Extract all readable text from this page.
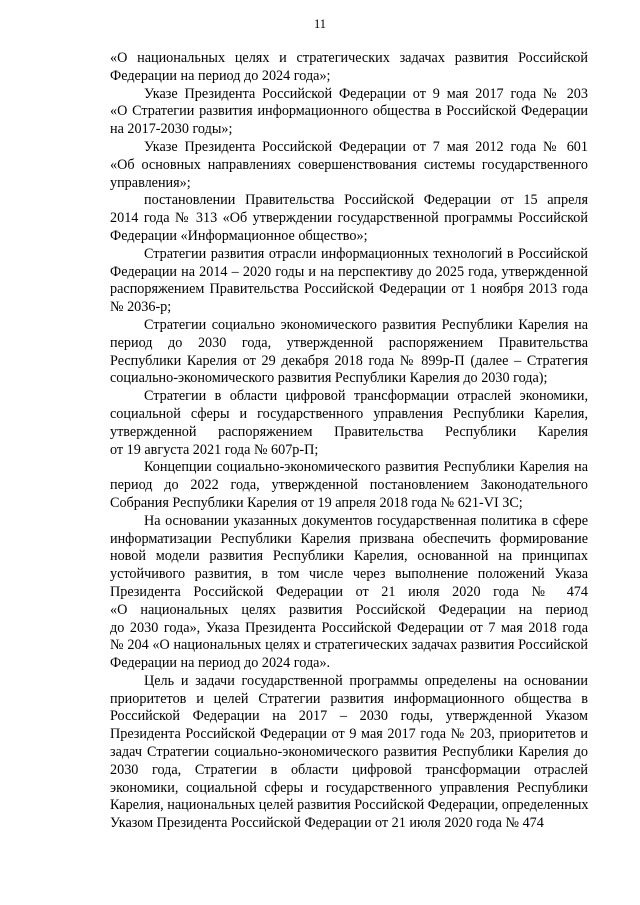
11
«О национальных целях и стратегических задачах развития Российской
Федерации на период до 2024 года»;
Указе Президента Российской Федерации от 9 мая 2017 года № 203
«О Стратегии развития информационного общества в Российской Федерации
на 2017-2030 годы»;
Указе Президента Российской Федерации от 7 мая 2012 года № 601
«Об основных направлениях совершенствования системы государственного
управления»;
постановлении Правительства Российской Федерации от 15 апреля
2014 года № 313 «Об утверждении государственной программы Российской
Федерации «Информационное общество»;
Стратегии развития отрасли информационных технологий в Российской
Федерации на 2014 – 2020 годы и на перспективу до 2025 года, утвержденной
распоряжением Правительства Российской Федерации от 1 ноября 2013 года
№ 2036-р;
Стратегии социально экономического развития Республики Карелия на
период до 2030 года, утвержденной распоряжением Правительства
Республики Карелия от 29 декабря 2018 года № 899р-П (далее – Стратегия
социально-экономического развития Республики Карелия до 2030 года);
Стратегии в области цифровой трансформации отраслей экономики,
социальной сферы и государственного управления Республики Карелия,
утвержденной распоряжением Правительства Республики Карелия
от 19 августа 2021 года № 607р-П;
Концепции социально-экономического развития Республики Карелия на
период до 2022 года, утвержденной постановлением Законодательного
Собрания Республики Карелия от 19 апреля 2018 года № 621-VI ЗС;
На основании указанных документов государственная политика в сфере
информатизации Республики Карелия призвана обеспечить формирование
новой модели развития Республики Карелия, основанной на принципах
устойчивого развития, в том числе через выполнение положений Указа
Президента Российской Федерации от 21 июля 2020 года № 474
«О национальных целях развития Российской Федерации на период
до 2030 года», Указа Президента Российской Федерации от 7 мая 2018 года
№ 204 «О национальных целях и стратегических задачах развития Российской
Федерации на период до 2024 года».
Цель и задачи государственной программы определены на основании
приоритетов и целей Стратегии развития информационного общества в
Российской Федерации на 2017 – 2030 годы, утвержденной Указом
Президента Российской Федерации от 9 мая 2017 года № 203, приоритетов и
задач Стратегии социально-экономического развития Республики Карелия до
2030 года, Стратегии в области цифровой трансформации отраслей
экономики, социальной сферы и государственного управления Республики
Карелия, национальных целей развития Российской Федерации, определенных
Указом Президента Российской Федерации от 21 июля 2020 года № 474
